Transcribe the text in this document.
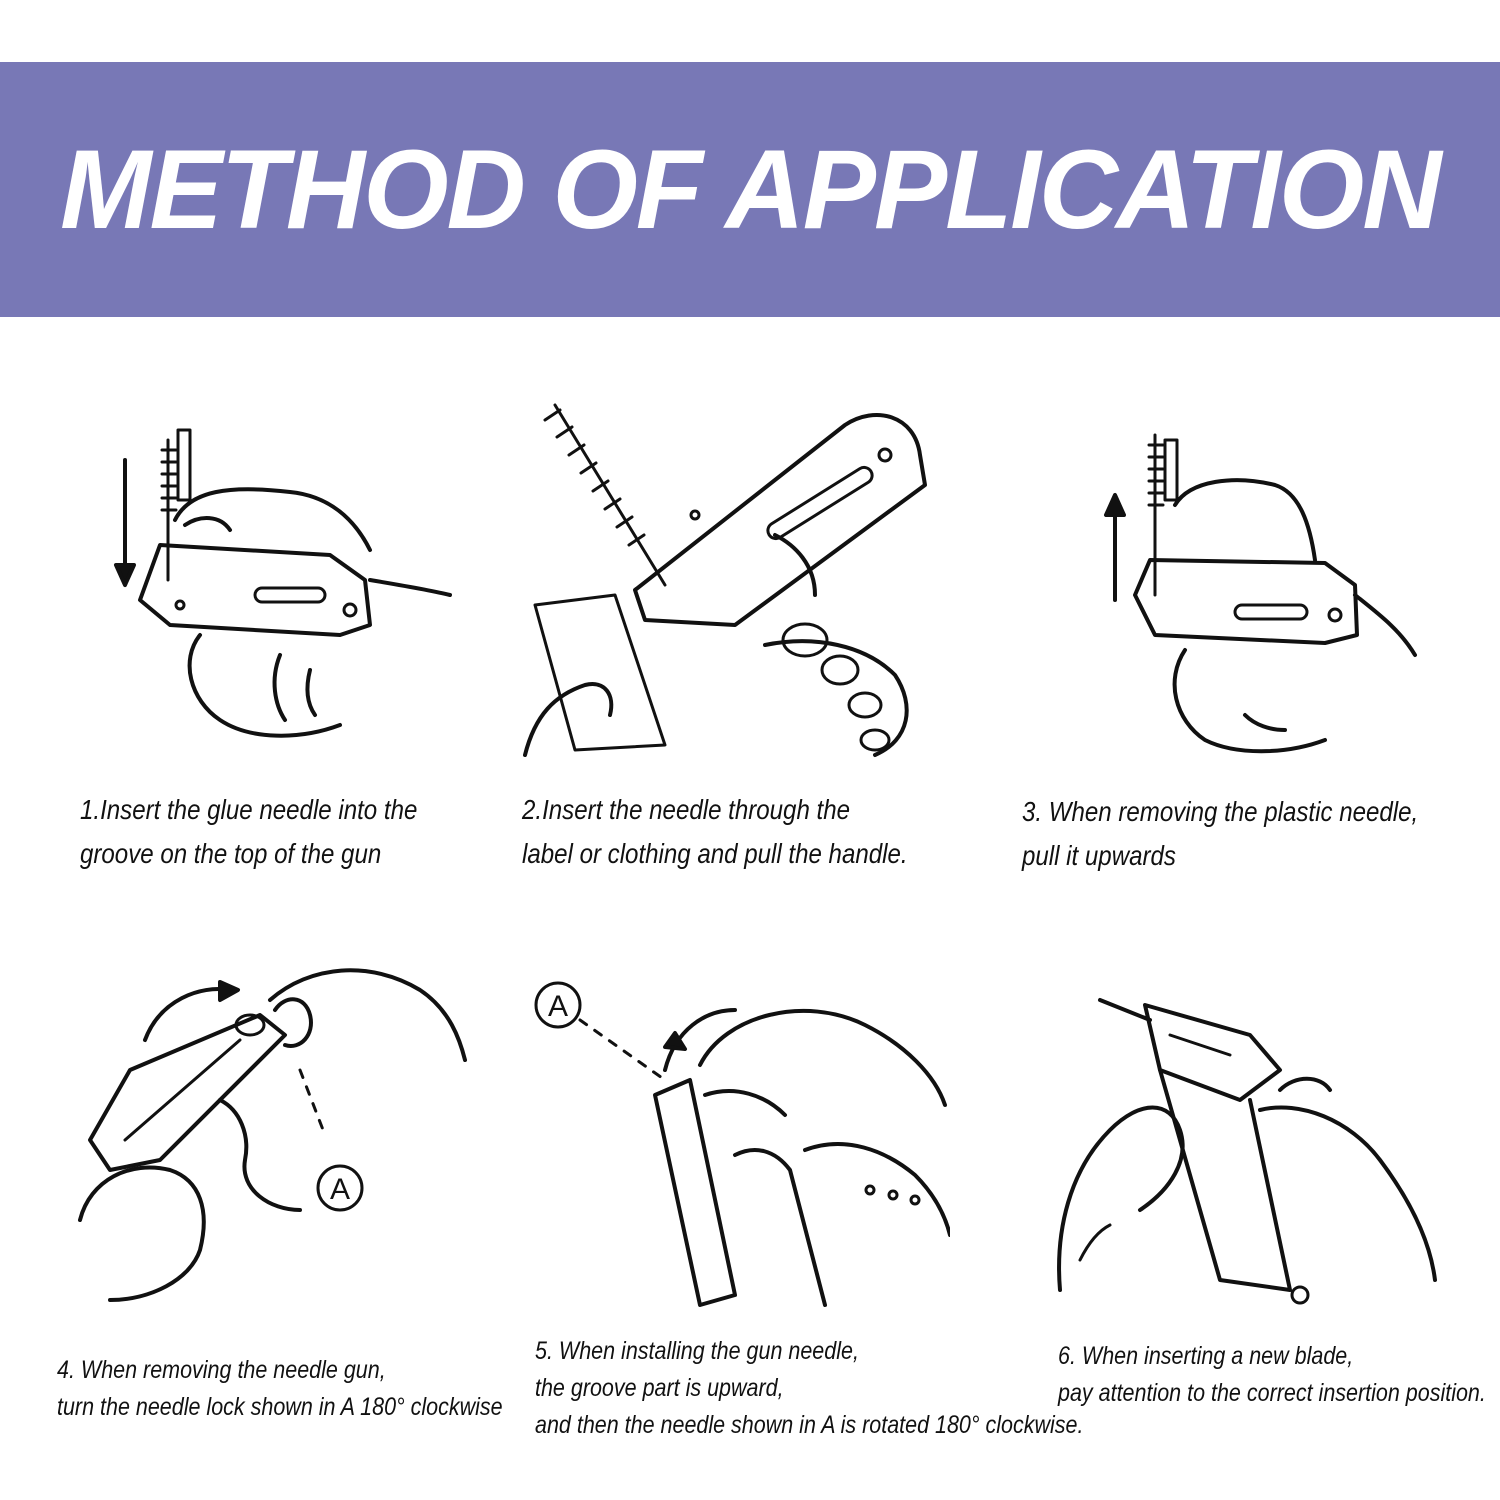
METHOD OF APPLICATION
A
A

1.Insert the glue needle into the
groove on the top of the gun

2.Insert the needle through the
label or clothing and pull the handle.

3. When removing the plastic needle,
pull it upwards

4. When removing the needle gun,
turn the needle lock shown in A 180° clockwise

5. When installing the gun needle,
the groove part is upward,
and then the needle shown in A is rotated 180° clockwise.

6. When inserting a new blade,
pay attention to the correct insertion position.
